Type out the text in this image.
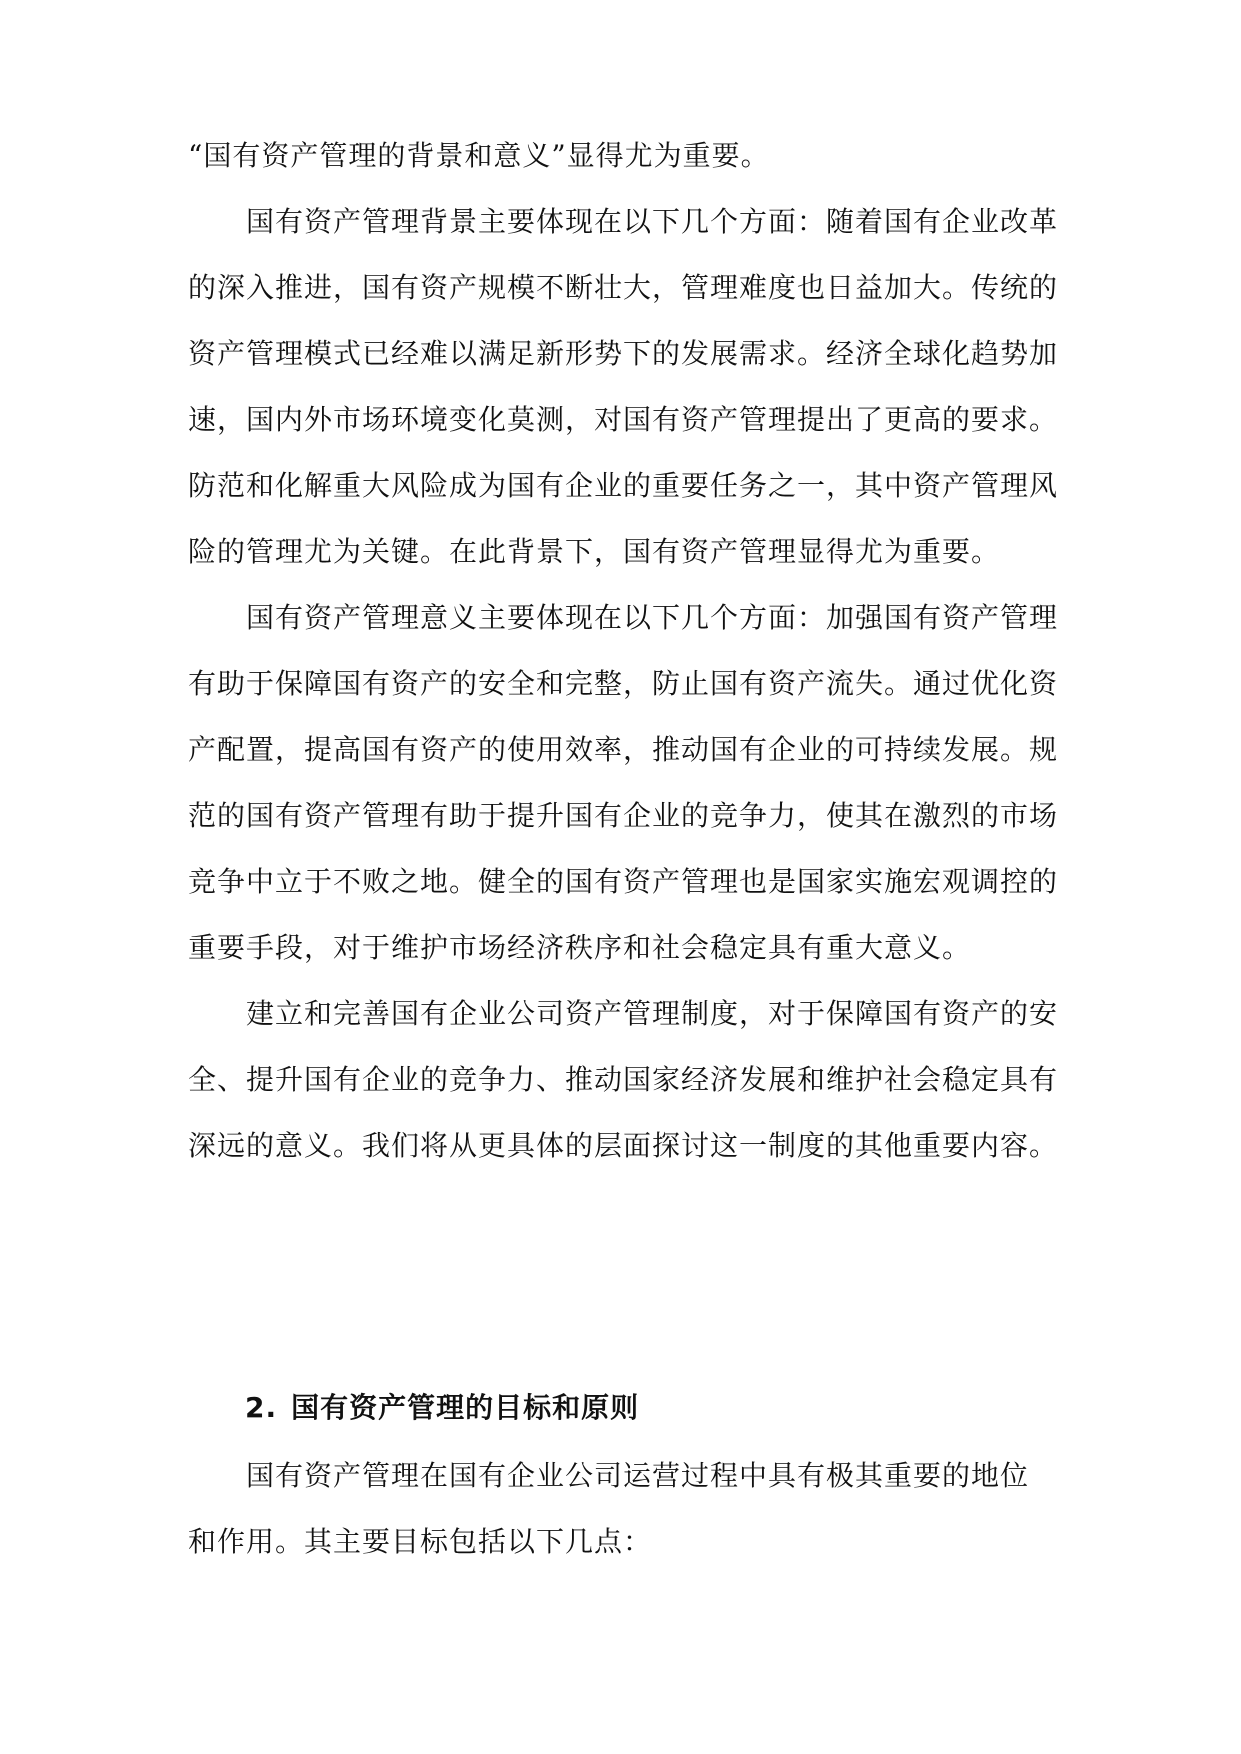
“国有资产管理的背景和意义”显得尤为重要。
国有资产管理背景主要体现在以下几个方面：随着国有企业改革
的深入推进，国有资产规模不断壮大，管理难度也日益加大。传统的
资产管理模式已经难以满足新形势下的发展需求。经济全球化趋势加
速，国内外市场环境变化莫测，对国有资产管理提出了更高的要求。
防范和化解重大风险成为国有企业的重要任务之一，其中资产管理风
险的管理尤为关键。在此背景下，国有资产管理显得尤为重要。
国有资产管理意义主要体现在以下几个方面：加强国有资产管理
有助于保障国有资产的安全和完整，防止国有资产流失。通过优化资
产配置，提高国有资产的使用效率，推动国有企业的可持续发展。规
范的国有资产管理有助于提升国有企业的竞争力，使其在激烈的市场
竞争中立于不败之地。健全的国有资产管理也是国家实施宏观调控的
重要手段，对于维护市场经济秩序和社会稳定具有重大意义。
建立和完善国有企业公司资产管理制度，对于保障国有资产的安
全、提升国有企业的竞争力、推动国家经济发展和维护社会稳定具有
深远的意义。我们将从更具体的层面探讨这一制度的其他重要内容。
2. 国有资产管理的目标和原则
国有资产管理在国有企业公司运营过程中具有极其重要的地位
和作用。其主要目标包括以下几点：
